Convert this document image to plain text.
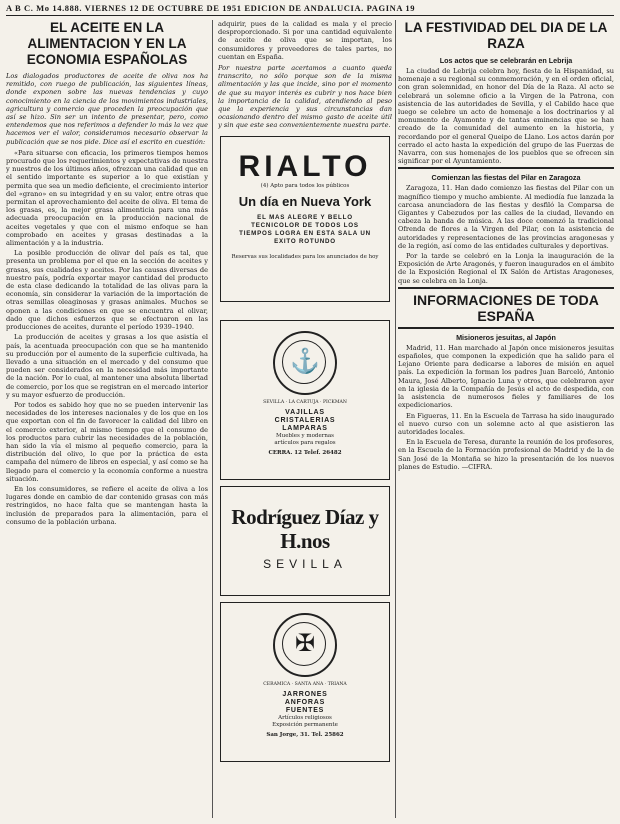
A B C. Mo 14.888. VIERNES 12 DE OCTUBRE DE 1951 EDICION DE ANDALUCIA. PAGINA 19
EL ACEITE EN LA ALIMENTACION Y EN LA ECONOMIA ESPAÑOLAS

Los dialogados productores de aceite de oliva nos ha remitido, con ruego de publicación, las siguientes líneas, donde exponen sobre las nuevas tendencias y cuyo conocimiento en la ciencia de los movimientos industriales, agricultura y comercio que proceden la preocupación que así se hizo. Sin ser un intento de presentar, pero, como entendemos que nos referimos a defender lo más la vez que hacemos ver el valor, consideramos necesario observar la publicación que se nos pide. Dice así el escrito en cuestión:

«Para situarse con eficacia, los primeros tiempos hemos procurado que los requerimientos y expectativas de nuestra y nuestros de los últimos años, ofrezcan una calidad que en el sentido importante es superior a lo que existían y permita que sea un medio deficiente, el crecimiento interior del «grano» en su integridad y en su valor, entre otras que permitan el aprovechamiento del aceite de oliva. El tema de los grasas, es, la mejor grasa alimenticia para una más adecuada preocupación en la producción nacional de aceites vegetales y que con el mismo enfoque se han comprobado en aceites y grasas destinadas a la alimentación y a la industria.

La posible producción de olivar del país es tal, que presenta un problema por el que en la sección de aceites y grasas, sus cualidades y aceites. Por las causas diversas de nuestro país, podría exportar mayor cantidad del producto de esta clase dedicando la totalidad de las olivas para la economía, sin considerar la variación de la importación de otras semillas oleaginosas y grasas animales. Muchos se oponen a las condiciones en que se encuentra el olivar, dado que dichos esfuerzos que se efectuaron en las producciones de aceites, durante el período 1939–1940.

La producción de aceites y grasas a los que asistía el país, la acentuada preocupación con que se ha mantenido su producción por el aumento de la superficie cultivada, ha llevado a una situación en el mercado y del consumo que pueden ser considerados en la necesidad más importante de la nación. Por lo cual, al mantener una absoluta libertad de comercio, por los que se registran en el mercado interior y su mayor esfuerzo de producción.

Por todos es sabido hoy que no se pueden intervenir las necesidades de los intereses nacionales y de los que en los que exportan con el fin de favorecer la calidad del libro en el comercio exterior, al mismo tiempo que el consumo de los productos para cubrir las necesidades de la población, han sido la vía el mismo al pequeño comercio, para la distribución del olivo, lo que por la práctica de esta campaña del número de libros en especial, y así como se ha llegado para el comercio y la economía conforme a nuestra situación.

En los consumidores, se refiere el aceite de oliva a los lugares donde en cambio de dar contenido grasas con más restringidos, no hace falta que se mantengan hasta la inclusión de preparados para la alimentación, para el consumo de la población urbana.

adquirir, pues de la calidad es mala y el precio desproporcionado. Si por una cantidad equivalente de aceite de oliva que se importan, los consumidores y proveedores de tales partes, no cuentan en España.

Por nuestra parte acertamos a cuanto queda transcrito, no sólo porque son de la misma alimentación y las que incide, sino por el momento de que su mayor interés es cubrir y nos hace bien la importancia de la calidad, atendiendo al peso que la experiencia y sus circunstancias dan ocasionando dentro del mismo gasto de aceite útil y sin que este sea convenientemente nuestra parte.

RIALTO
(4) Apto para todos los públicos
Un día en Nueva York
EL MAS ALEGRE Y BELLO TECNICOLOR DE TODOS LOS TIEMPOS LOGRA EN ESTA SALA UN EXITO ROTUNDO
Reservas sus localidades para los anunciados de hoy
⚓
SEVILLA · LA CARTUJA · PICKMAN
VAJILLAS
CRISTALERIAS
LAMPARAS
Muebles y modernas
artículos para regalos
CERRA. 12 Telef. 26482
Rodríguez Díaz y H.nos
SEVILLA
✠
CERAMICA · SANTA ANA · TRIANA
JARRONES
ANFORAS
FUENTES
Artículos religiosos
Exposición permanente
San Jorge, 31. Tel. 25862
LA FESTIVIDAD DEL DIA DE LA RAZA
Los actos que se celebrarán en Lebrija

La ciudad de Lebrija celebra hoy, fiesta de la Hispanidad, su homenaje a su regional su conmemoración, y en el orden oficial, con gran solemnidad, en honor del Día de la Raza. Al acto se celebrará un solemne oficio a la Virgen de la Patrona, con asistencia de las autoridades de Sevilla, y el Cabildo hace que luego se celebre un acto de homenaje a los doctrinarios y al monumento de Ayamonte y de tantas eminencias que se han creado de la comunidad del aumento en la historia, y recordando por el general Queipo de Llano. Los actos darán por cerrado el acto hasta la expedición del grupo de las Fuerzas de Navarra, con sus homenajes de los pueblos que se ofrecen sin significar por el Ayuntamiento.

Comienzan las fiestas del Pilar en Zaragoza

Zaragoza, 11. Han dado comienzo las fiestas del Pilar con un magnífico tiempo y mucho ambiente. Al mediodía fue lanzada la carcasa anunciadora de las fiestas y desfiló la Comparsa de Gigantes y Cabezudos por las calles de la ciudad, llevando en cabeza la banda de música. A las doce comenzó la tradicional Ofrenda de flores a la Virgen del Pilar, con la asistencia de autoridades y representaciones de las provincias aragonesas y de la región, así como de las entidades culturales y deportivas.

Por la tarde se celebró en la Lonja la inauguración de la Exposición de Arte Aragonés, y fueron inaugurados en el ámbito de la Exposición Regional el IX Salón de Artistas Aragoneses, que se celebra en la Lonja.

INFORMACIONES DE TODA ESPAÑA
Misioneros jesuitas, al Japón

Madrid, 11. Han marchado al Japón once misioneros jesuitas españoles, que componen la expedición que ha salido para el Lejano Oriente para dedicarse a labores de misión en aquel país. La expedición la forman los padres Juan Barceló, Antonio Maura, José Alberto, Ignacio Luna y otros, que celebraron ayer en la iglesia de la Compañía de Jesús el acto de despedida, con la asistencia de numerosos fieles y familiares de los expedicionarios.

En Figueras, 11. En la Escuela de Tarrasa ha sido inaugurado el nuevo curso con un solemne acto al que asistieron las autoridades locales.

En la Escuela de Teresa, durante la reunión de los profesores, en la Escuela de la Formación profesional de Madrid y de la de San José de la Montaña se hizo la presentación de los nuevos planes de Estudio. —CIFRA.
